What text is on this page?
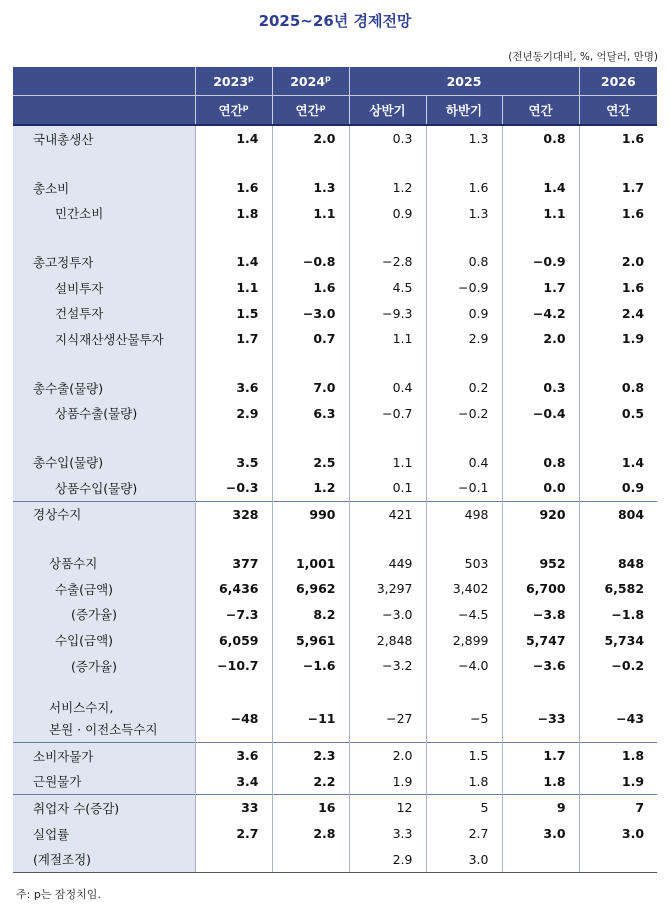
2025~26년 경제전망
(전년동기대비, %, 억달러, 만명)
	2023$^p$	2024$^p$	2025			2026
	연간$^p$	연간$^p$	상반기	하반기	연간	연간
국내총생산	1.4	2.0	0.3	1.3	0.8	1.6

총소비	1.6	1.3	1.2	1.6	1.4	1.7
민간소비	1.8	1.1	0.9	1.3	1.1	1.6

총고정투자	1.4	−0.8	−2.8	0.8	−0.9	2.0
설비투자	1.1	1.6	4.5	−0.9	1.7	1.6
건설투자	1.5	−3.0	−9.3	0.9	−4.2	2.4
지식재산생산물투자	1.7	0.7	1.1	2.9	2.0	1.9

총수출(물량)	3.6	7.0	0.4	0.2	0.3	0.8
상품수출(물량)	2.9	6.3	−0.7	−0.2	−0.4	0.5

총수입(물량)	3.5	2.5	1.1	0.4	0.8	1.4
상품수입(물량)	−0.3	1.2	0.1	−0.1	0.0	0.9
경상수지	328	990	421	498	920	804

상품수지	377	1,001	449	503	952	848
수출(금액)	6,436	6,962	3,297	3,402	6,700	6,582
(증가율)	−7.3	8.2	−3.0	−4.5	−3.8	−1.8
수입(금액)	6,059	5,961	2,848	2,899	5,747	5,734
(증가율)	−10.7	−1.6	−3.2	−4.0	−3.6	−0.2

서비스수지,
본원 · 이전소득수지	−48	−11	−27	−5	−33	−43
소비자물가	3.6	2.3	2.0	1.5	1.7	1.8
근원물가	3.4	2.2	1.9	1.8	1.8	1.9
취업자 수(증감)	33	16	12	5	9	7
실업률	2.7	2.8	3.3	2.7	3.0	3.0
(계절조정)			2.9	3.0		
주: p는 잠정치임.
